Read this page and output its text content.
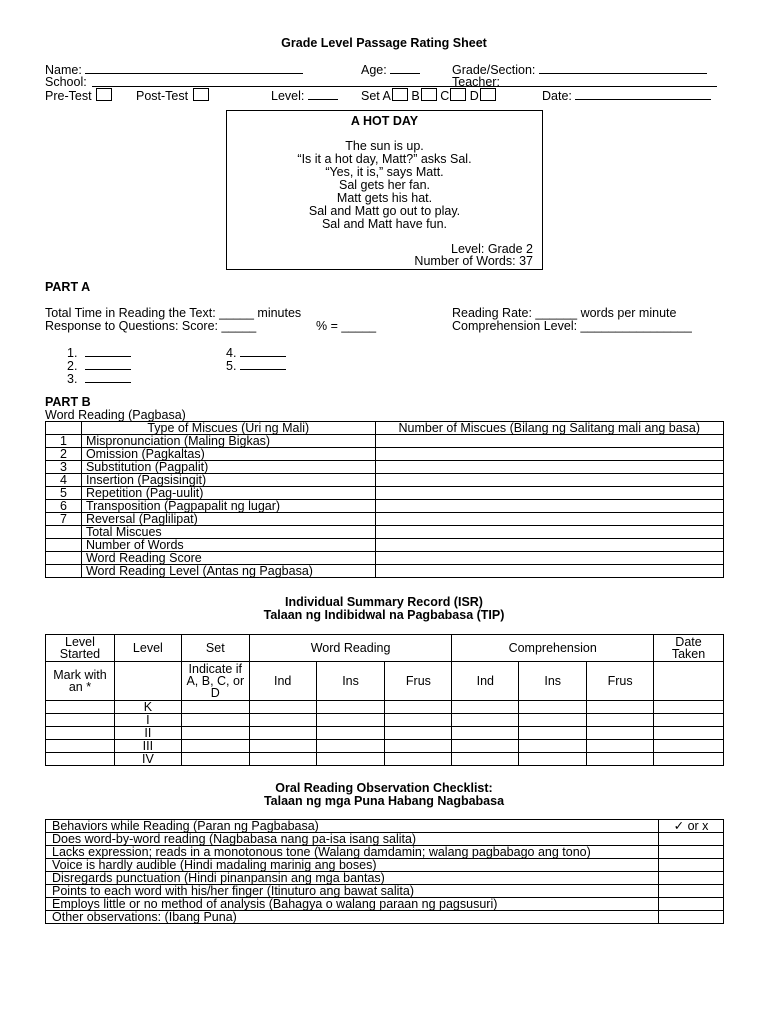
Grade Level Passage Rating Sheet
Name:	Age:	Grade/Section:
School:	Teacher:
Pre-Test	Post-Test	Level:	Set A B C D	Date:
A HOT DAY
The sun is up.
“Is it a hot day, Matt?” asks Sal.
“Yes, it is,” says Matt.
Sal gets her fan.
Matt gets his hat.
Sal and Matt go out to play.
Sal and Matt have fun.
Level: Grade 2
Number of Words: 37
PART A
Total Time in Reading the Text: _____ minutes
Response to Questions: Score: _____	% = _____
Reading Rate: ______ words per minute
Comprehension Level: ________________
1.
2.
3.
4.
5.
PART B
Word Reading (Pagbasa)
	Type of Miscues (Uri ng Mali)	Number of Miscues (Bilang ng Salitang mali ang basa)
1	Mispronunciation (Maling Bigkas)	
2	Omission (Pagkaltas)	
3	Substitution (Pagpalit)	
4	Insertion (Pagsisingit)	
5	Repetition (Pag-uulit)	
6	Transposition (Pagpapalit ng lugar)	
7	Reversal (Paglilipat)	
	Total Miscues	
	Number of Words	
	Word Reading Score	
	Word Reading Level (Antas ng Pagbasa)	
Individual Summary Record (ISR)
Talaan ng Indibidwal na Pagbabasa (TIP)
Level Started	Level	Set	Word Reading			Comprehension			Date Taken
Mark with an *		Indicate if A, B, C, or D	Ind	Ins	Frus	Ind	Ins	Frus	
	K								
	I								
	II								
	III								
	IV								
Oral Reading Observation Checklist:
Talaan ng mga Puna Habang Nagbabasa
Behaviors while Reading (Paran ng Pagbabasa)	✓ or x
Does word-by-word reading (Nagbabasa nang pa-isa isang salita)	
Lacks expression; reads in a monotonous tone (Walang damdamin; walang pagbabago ang tono)	
Voice is hardly audible (Hindi madaling marinig ang boses)	
Disregards punctuation (Hindi pinanpansin ang mga bantas)	
Points to each word with his/her finger (Itinuturo ang bawat salita)	
Employs little or no method of analysis (Bahagya o walang paraan ng pagsusuri)	
Other observations: (Ibang Puna)	
